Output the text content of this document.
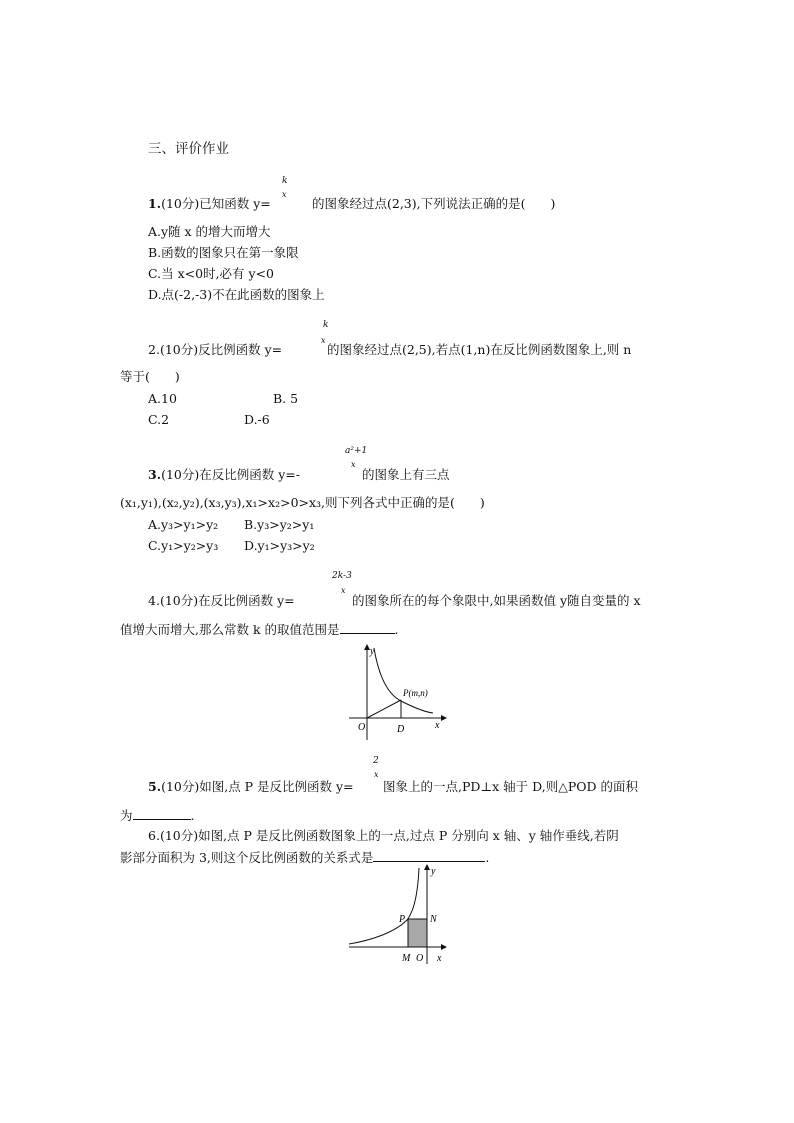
三、评价作业
k
x
1.(10分)已知函数 y=	的图象经过点(2,3),下列说法正确的是(　　)
A.y随 x 的增大而增大
B.函数的图象只在第一象限
C.当 x<0时,必有 y<0
D.点(-2,-3)不在此函数的图象上
k
x
2.(10分)反比例函数 y=	的图象经过点(2,5),若点(1,n)在反比例函数图象上,则 n
等于(　　)
A.10	B. 5
C.2	D.-6
a²+1
x
3.(10分)在反比例函数 y=-	的图象上有三点
(x₁,y₁),(x₂,y₂),(x₃,y₃),x₁>x₂>0>x₃,则下列各式中正确的是(　　)
A.y₃>y₁>y₂ B.y₃>y₂>y₁
C.y₁>y₂>y₃ D.y₁>y₃>y₂
2k-3
x
4.(10分)在反比例函数 y=	的图象所在的每个象限中,如果函数值 y随自变量的 x
值增大而增大,那么常数 k 的取值范围是	.
y
x
O	D
P(m,n)
2
x
5.(10分)如图,点 P 是反比例函数 y= 图象上的一点,PD⊥x 轴于 D,则△POD 的面积
为	.
6.(10分)如图,点 P 是反比例函数图象上的一点,过点 P 分别向 x 轴、y 轴作垂线,若阴
影部分面积为 3,则这个反比例函数的关系式是	.
y
x
P N
M O
